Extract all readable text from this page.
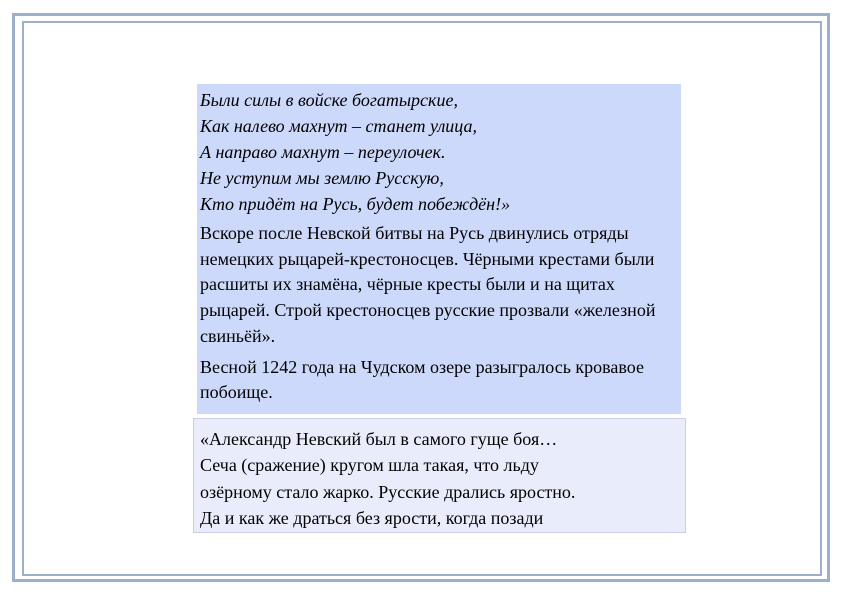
Были силы в войске богатырские,
Как налево махнут – станет улица,
А направо махнут – переулочек.
Не уступим мы землю Русскую,
Кто придёт на Русь, будет побеждён!»
Вскоре после Невской битвы на Русь двинулись отряды немецких рыцарей-крестоносцев. Чёрными крестами были расшиты их знамёна, чёрные кресты были и на щитах рыцарей. Строй крестоносцев русские прозвали «железной свиньёй».
Весной 1242 года на Чудском озере разыгралось кровавое побоище.
«Александр Невский был в самого гуще боя…
Сеча (сражение) кругом шла такая, что льду
озёрному стало жарко. Русские дрались яростно.
Да и как же драться без ярости, когда позади
